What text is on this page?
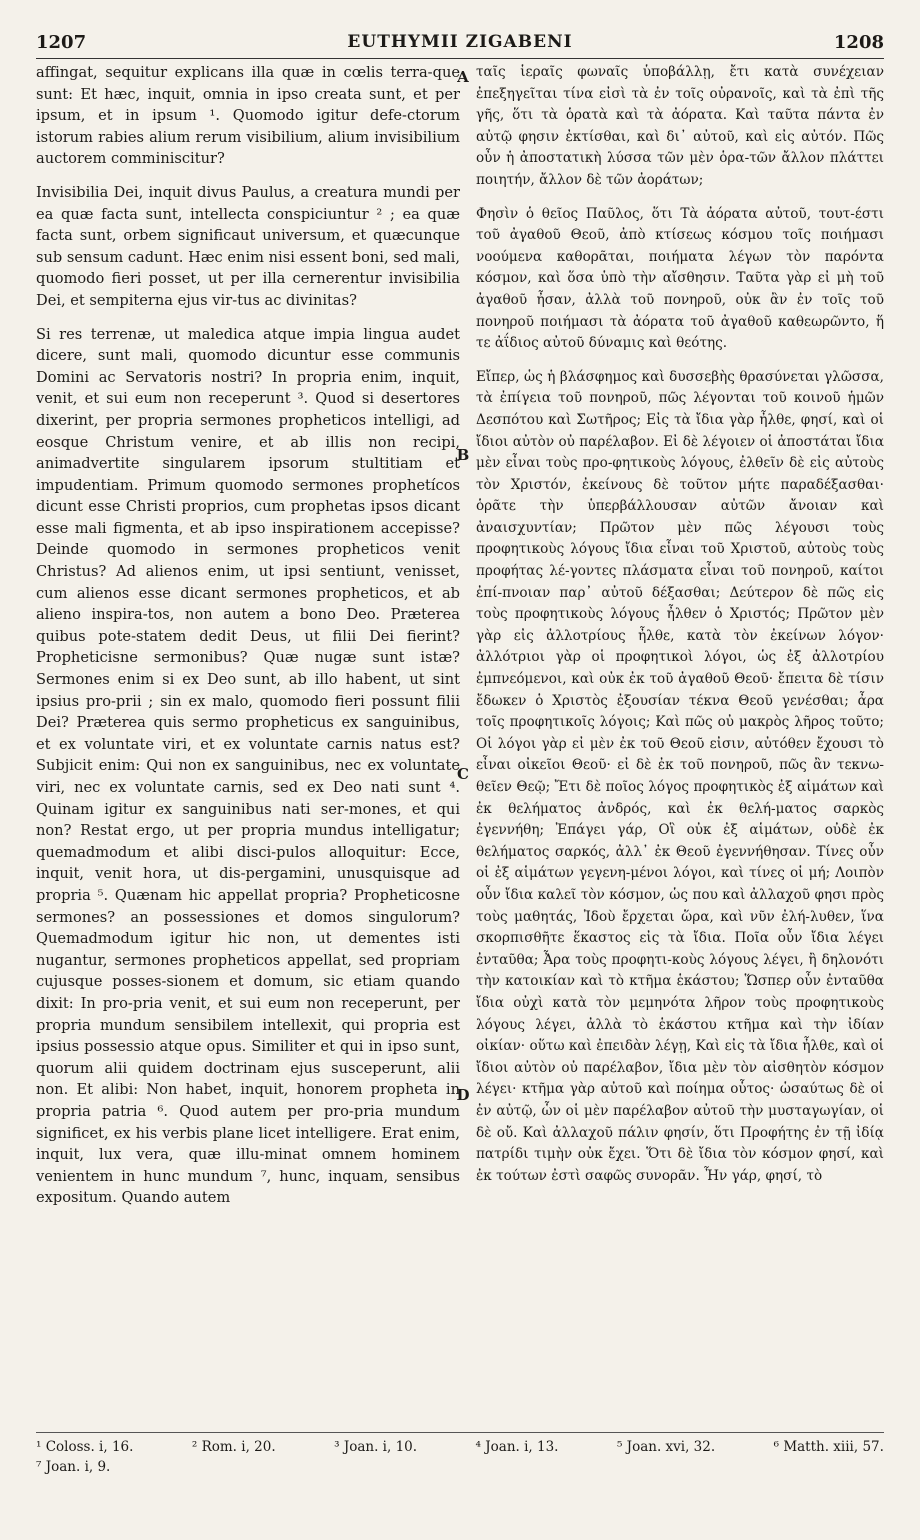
1207	EUTHYMII ZIGABENI	1208

affingat, sequitur explicans illa quæ in cœlis terra-que sunt: Et hæc, inquit, omnia in ipso creata sunt, et per ipsum, et in ipsum ¹. Quomodo igitur defe-ctorum istorum rabies alium rerum visibilium, alium invisibilium auctorem comminiscitur?

Invisibilia Dei, inquit divus Paulus, a creatura mundi per ea quæ facta sunt, intellecta conspiciuntur ² ; ea quæ facta sunt, orbem significaut universum, et quæcunque sub sensum cadunt. Hæc enim nisi essent boni, sed mali, quomodo fieri posset, ut per illa cernerentur invisibilia Dei, et sempiterna ejus vir-tus ac divinitas?

Si res terrenæ, ut maledica atque impia lingua audet dicere, sunt mali, quomodo dicuntur esse communis Domini ac Servatoris nostri? In propria enim, inquit, venit, et sui eum non receperunt ³. Quod si desertores dixerint, per propria sermones propheticos intelligi, ad eosque Christum venire, et ab illis non recipi, animadvertite singularem ipsorum stultitiam et impudentiam. Primum quomodo sermones prophetícos dicunt esse Christi proprios, cum prophetas ipsos dicant esse mali figmenta, et ab ipso inspirationem accepisse? Deinde quomodo in sermones propheticos venit Christus? Ad alienos enim, ut ipsi sentiunt, venisset, cum alienos esse dicant sermones propheticos, et ab alieno inspira-tos, non autem a bono Deo. Præterea quibus pote-statem dedit Deus, ut filii Dei fierint? Propheticisne sermonibus? Quæ nugæ sunt istæ? Sermones enim si ex Deo sunt, ab illo habent, ut sint ipsius pro-prii ; sin ex malo, quomodo fieri possunt filii Dei? Præterea quis sermo propheticus ex sanguinibus, et ex voluntate viri, et ex voluntate carnis natus est? Subjicit enim: Qui non ex sanguinibus, nec ex voluntate viri, nec ex voluntate carnis, sed ex Deo nati sunt ⁴. Quinam igitur ex sanguinibus nati ser-mones, et qui non? Restat ergo, ut per propria mundus intelligatur; quemadmodum et alibi disci-pulos alloquitur: Ecce, inquit, venit hora, ut dis-pergamini, unusquisque ad propria ⁵. Quænam hic appellat propria? Propheticosne sermones? an possessiones et domos singulorum? Quemadmodum igitur hic non, ut dementes isti nugantur, sermones propheticos appellat, sed propriam cujusque posses-sionem et domum, sic etiam quando dixit: In pro-pria venit, et sui eum non receperunt, per propria mundum sensibilem intellexit, qui propria est ipsius possessio atque opus. Similiter et qui in ipso sunt, quorum alii quidem doctrinam ejus susceperunt, alii non. Et alibi: Non habet, inquit, honorem propheta in propria patria ⁶. Quod autem per pro-pria mundum significet, ex his verbis plane licet intelligere. Erat enim, inquit, lux vera, quæ illu-minat omnem hominem venientem in hunc mundum ⁷, hunc, inquam, sensibus expositum. Quando autem

A
B
C
D

ταῖς ἱεραῖς φωναῖς ὑποβάλλῃ, ἔτι κατὰ συνέχειαν ἐπεξηγεῖται τίνα εἰσὶ τὰ ἐν τοῖς οὐρανοῖς, καὶ τὰ ἐπὶ τῆς γῆς, ὅτι τὰ ὁρατὰ καὶ τὰ ἀόρατα. Καὶ ταῦτα πάντα ἐν αὐτῷ φησιν ἐκτίσθαι, καὶ δι᾽ αὐτοῦ, καὶ εἰς αὐτόν. Πῶς οὖν ἡ ἀποστατικὴ λύσσα τῶν μὲν ὁρα-τῶν ἄλλον πλάττει ποιητήν, ἄλλον δὲ τῶν ἀοράτων;

Φησὶν ὁ θεῖος Παῦλος, ὅτι Τὰ ἀόρατα αὐτοῦ, τουτ-έστι τοῦ ἀγαθοῦ Θεοῦ, ἀπὸ κτίσεως κόσμου τοῖς ποιήμασι νοούμενα καθορᾶται, ποιήματα λέγων τὸν παρόντα κόσμον, καὶ ὅσα ὑπὸ τὴν αἴσθησιν. Ταῦτα γὰρ εἰ μὴ τοῦ ἀγαθοῦ ἦσαν, ἀλλὰ τοῦ πονηροῦ, οὐκ ἂν ἐν τοῖς τοῦ πονηροῦ ποιήμασι τὰ ἀόρατα τοῦ ἀγαθοῦ καθεωρῶντο, ἥ τε ἀΐδιος αὐτοῦ δύναμις καὶ θεότης.

Εἴπερ, ὡς ἡ βλάσφημος καὶ δυσσεβὴς θρασύνεται γλῶσσα, τὰ ἐπίγεια τοῦ πονηροῦ, πῶς λέγονται τοῦ κοινοῦ ἡμῶν Δεσπότου καὶ Σωτῆρος; Εἰς τὰ ἴδια γὰρ ἦλθε, φησί, καὶ οἱ ἴδιοι αὐτὸν οὐ παρέλαβον. Εἰ δὲ λέγοιεν οἱ ἀποστάται ἴδια μὲν εἶναι τοὺς προ-φητικοὺς λόγους, ἐλθεῖν δὲ εἰς αὐτοὺς τὸν Χριστόν, ἐκείνους δὲ τοῦτον μήτε παραδέξασθαι· ὁρᾶτε τὴν ὑπερβάλλουσαν αὐτῶν ἄνοιαν καὶ ἀναισχυντίαν; Πρῶτον μὲν πῶς λέγουσι τοὺς προφητικοὺς λόγους ἴδια εἶναι τοῦ Χριστοῦ, αὐτοὺς τοὺς προφήτας λέ-γοντες πλάσματα εἶναι τοῦ πονηροῦ, καίτοι ἐπί-πνοιαν παρ᾽ αὐτοῦ δέξασθαι; Δεύτερον δὲ πῶς εἰς τοὺς προφητικοὺς λόγους ἦλθεν ὁ Χριστός; Πρῶτον μὲν γὰρ εἰς ἀλλοτρίους ἦλθε, κατὰ τὸν ἐκείνων λόγον· ἀλλότριοι γὰρ οἱ προφητικοὶ λόγοι, ὡς ἐξ ἀλλοτρίου ἐμπνεόμενοι, καὶ οὐκ ἐκ τοῦ ἀγαθοῦ Θεοῦ· ἔπειτα δὲ τίσιν ἔδωκεν ὁ Χριστὸς ἐξουσίαν τέκνα Θεοῦ γενέσθαι; ἆρα τοῖς προφητικοῖς λόγοις; Καὶ πῶς οὐ μακρὸς λῆρος τοῦτο; Οἱ λόγοι γὰρ εἰ μὲν ἐκ τοῦ Θεοῦ εἰσιν, αὐτόθεν ἔχουσι τὸ εἶναι οἰκεῖοι Θεοῦ· εἰ δὲ ἐκ τοῦ πονηροῦ, πῶς ἂν τεκνω-θεῖεν Θεῷ; Ἔτι δὲ ποῖος λόγος προφητικὸς ἐξ αἱμάτων καὶ ἐκ θελήματος ἀνδρός, καὶ ἐκ θελή-ματος σαρκὸς ἐγεννήθη; Ἐπάγει γάρ, Οἳ οὐκ ἐξ αἱμάτων, οὐδὲ ἐκ θελήματος σαρκός, ἀλλ᾽ ἐκ Θεοῦ ἐγεννήθησαν. Τίνες οὖν οἱ ἐξ αἱμάτων γεγενη-μένοι λόγοι, καὶ τίνες οἱ μή; Λοιπὸν οὖν ἴδια καλεῖ τὸν κόσμον, ὡς που καὶ ἀλλαχοῦ φησι πρὸς τοὺς μαθητάς, Ἰδοὺ ἔρχεται ὥρα, καὶ νῦν ἐλή-λυθεν, ἵνα σκορπισθῆτε ἕκαστος εἰς τὰ ἴδια. Ποῖα οὖν ἴδια λέγει ἐνταῦθα; Ἆρα τοὺς προφητι-κοὺς λόγους λέγει, ἢ δηλονότι τὴν κατοικίαν καὶ τὸ κτῆμα ἑκάστου; Ὥσπερ οὖν ἐνταῦθα ἴδια οὐχὶ κατὰ τὸν μεμηνότα λῆρον τοὺς προφητικοὺς λόγους λέγει, ἀλλὰ τὸ ἑκάστου κτῆμα καὶ τὴν ἰδίαν οἰκίαν· οὕτω καὶ ἐπειδὰν λέγῃ, Καὶ εἰς τὰ ἴδια ἦλθε, καὶ οἱ ἴδιοι αὐτὸν οὐ παρέλαβον, ἴδια μὲν τὸν αἰσθητὸν κόσμον λέγει· κτῆμα γὰρ αὐτοῦ καὶ ποίημα οὗτος· ὡσαύτως δὲ οἱ ἐν αὐτῷ, ὧν οἱ μὲν παρέλαβον αὐτοῦ τὴν μυσταγωγίαν, οἱ δὲ οὔ. Καὶ ἀλλαχοῦ πάλιν φησίν, ὅτι Προφήτης ἐν τῇ ἰδίᾳ πατρίδι τιμὴν οὐκ ἔχει. Ὅτι δὲ ἴδια τὸν κόσμον φησί, καὶ ἐκ τούτων ἐστὶ σαφῶς συνορᾶν. Ἦν γάρ, φησί, τὸ

¹ Coloss. i, 16.	² Rom. i, 20.	³ Joan. i, 10.	⁴ Joan. i, 13.	⁵ Joan. xvi, 32.	⁶ Matth. xiii, 57.
⁷ Joan. i, 9.
